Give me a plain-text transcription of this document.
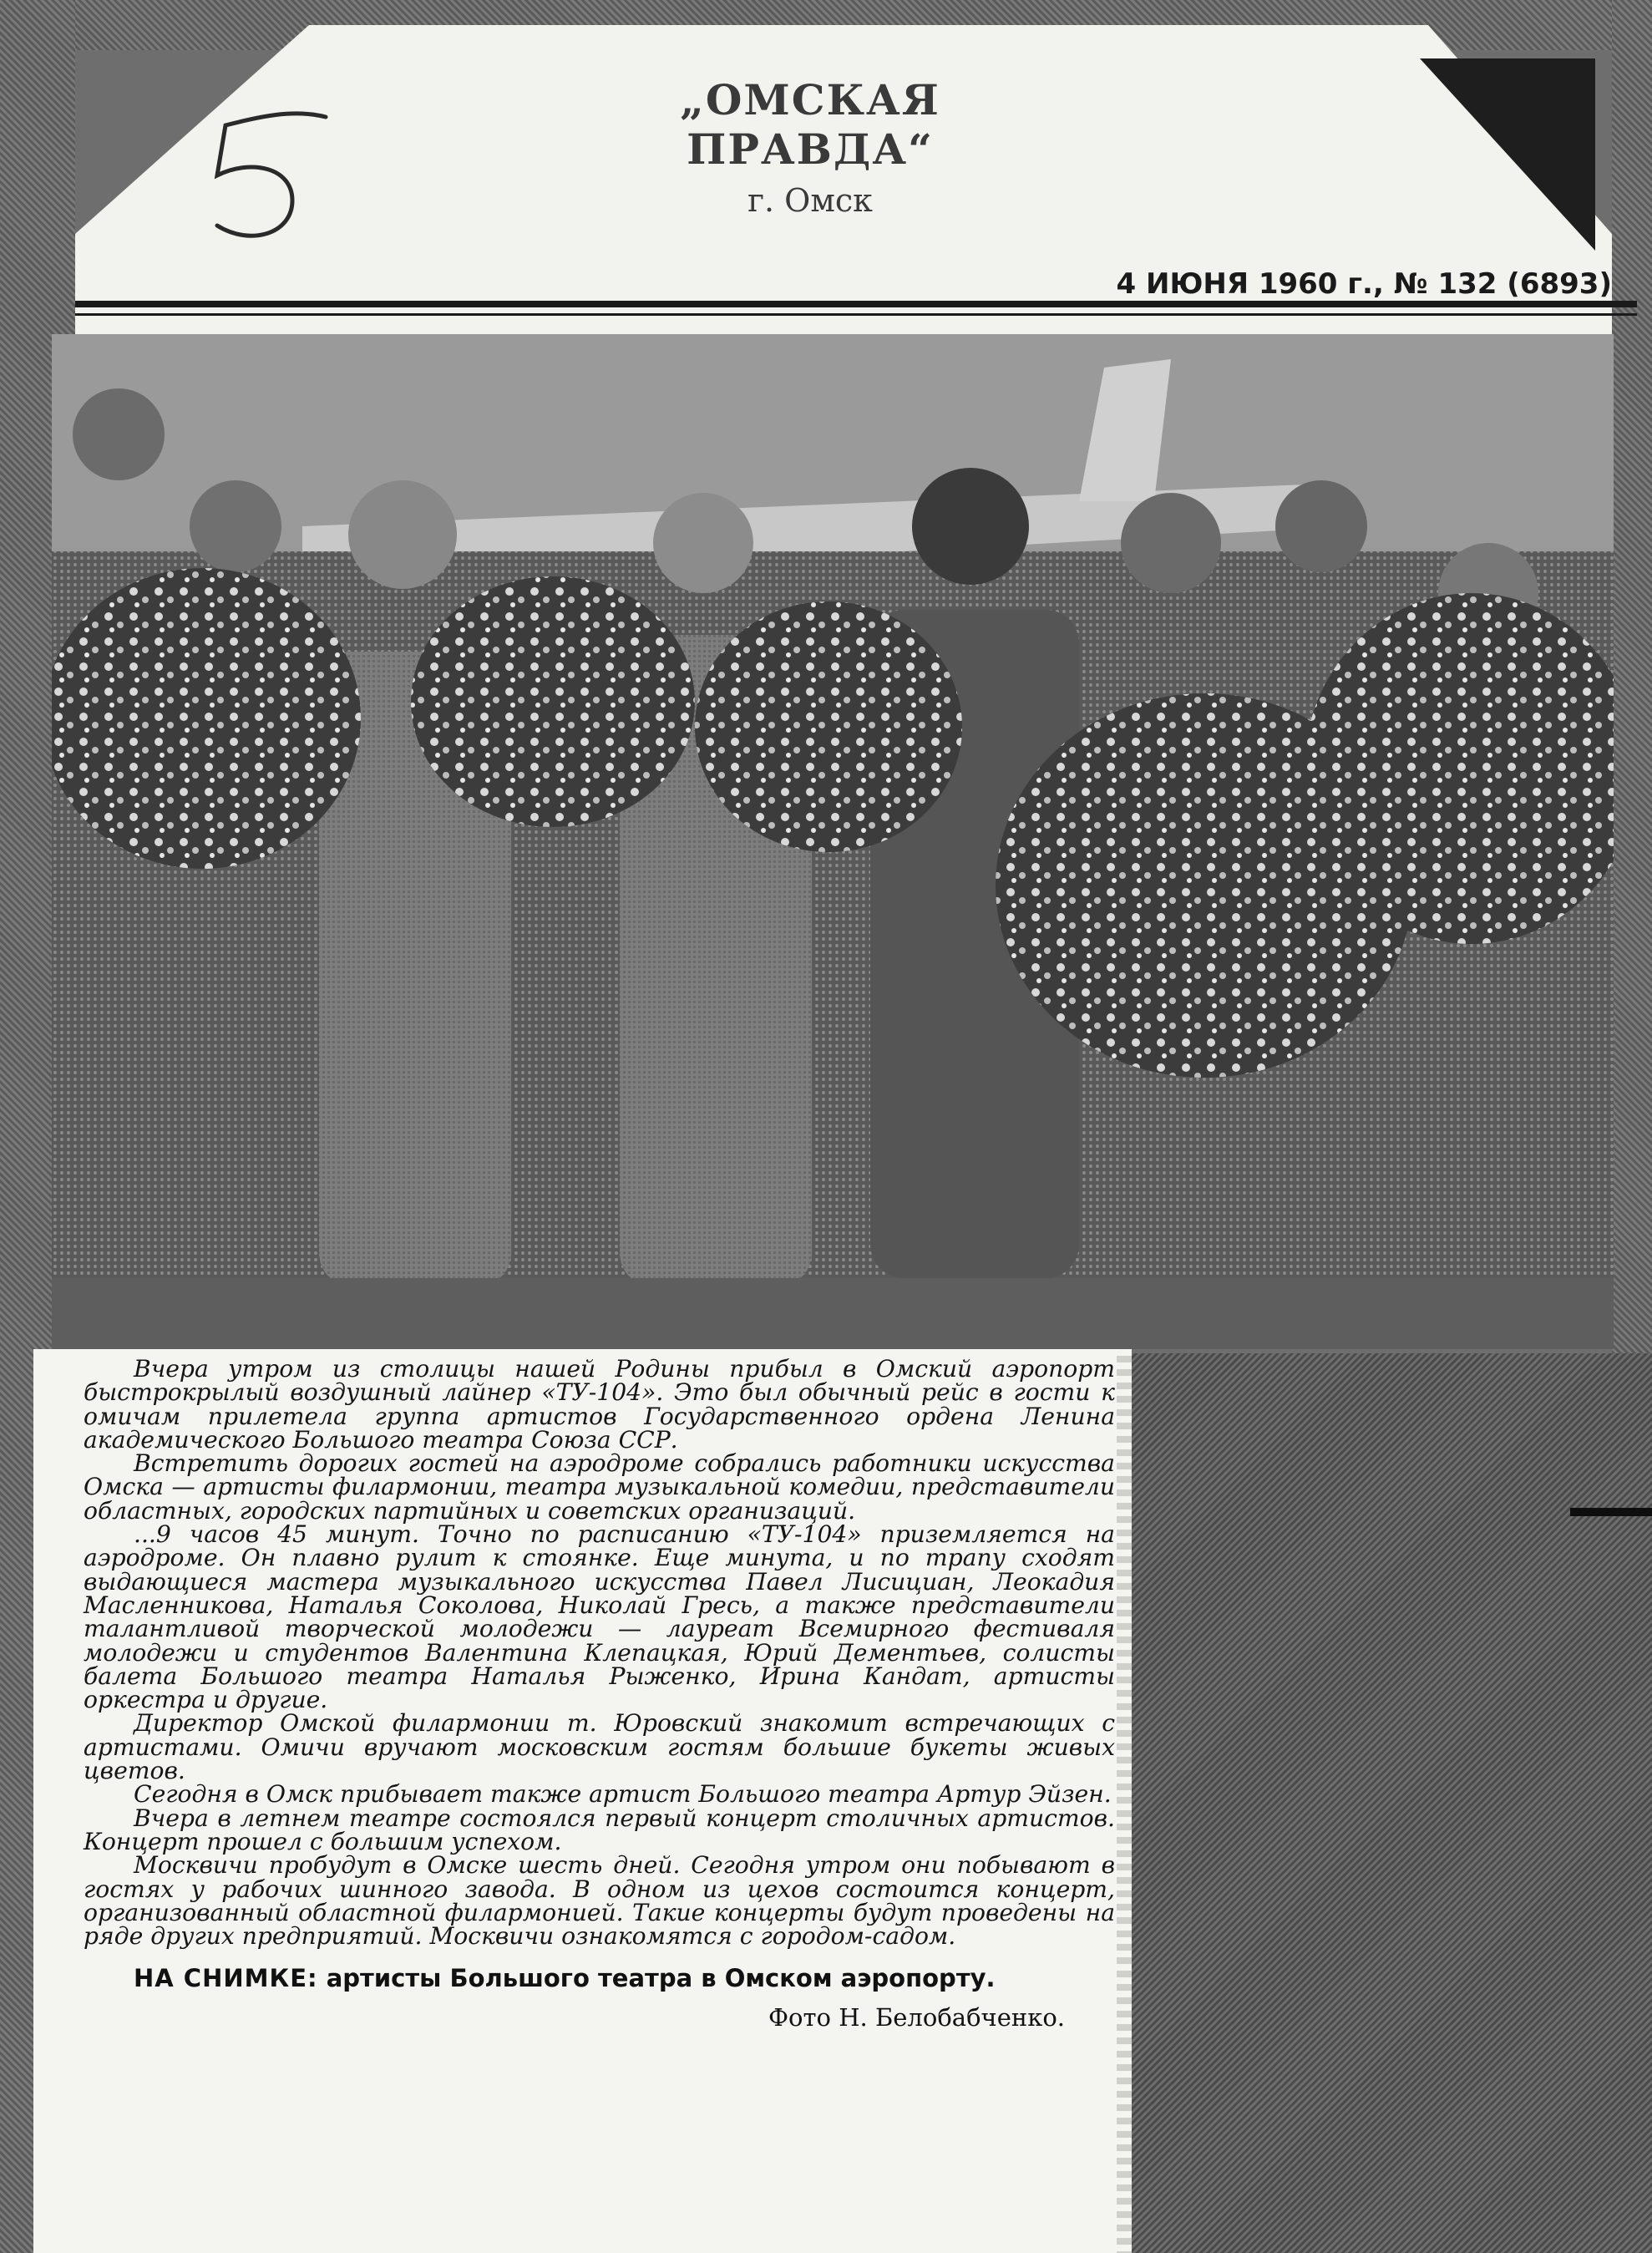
„ОМСКАЯ ПРАВДА“
г. Омск
4 ИЮНЯ 1960 г., № 132 (6893)

Вчера утром из столицы нашей Родины прибыл в Омский аэропорт быстрокрылый воздушный лайнер «ТУ-104». Это был обычный рейс в гости к омичам прилетела группа артистов Государственного ордена Ленина академического Большого театра Союза ССР.

Встретить дорогих гостей на аэродроме собрались работники искусства Омска — артисты филармонии, театра музыкальной комедии, представители областных, городских партийных и советских организаций.

...9 часов 45 минут. Точно по расписанию «ТУ-104» приземляется на аэродроме. Он плавно рулит к стоянке. Еще минута, и по трапу сходят выдающиеся мастера музыкального искусства Павел Лисициан, Леокадия Масленникова, Наталья Соколова, Николай Гресь, а также представители талантливой творческой молодежи — лауреат Всемирного фестиваля молодежи и студентов Валентина Клепацкая, Юрий Дементьев, солисты балета Большого театра Наталья Рыженко, Ирина Кандат, артисты оркестра и другие.

Директор Омской филармонии т. Юровский знакомит встречающих с артистами. Омичи вручают московским гостям большие букеты живых цветов.

Сегодня в Омск прибывает также артист Большого театра Артур Эйзен.

Вчера в летнем театре состоялся первый концерт столичных артистов. Концерт прошел с большим успехом.

Москвичи пробудут в Омске шесть дней. Сегодня утром они побывают в гостях у рабочих шинного завода. В одном из цехов состоится концерт, организованный областной филармонией. Такие концерты будут проведены на ряде других предприятий. Москвичи ознакомятся с городом-садом.

НА СНИМКЕ: артисты Большого театра в Омском аэропорту.
Фото Н. Белобабченко.
